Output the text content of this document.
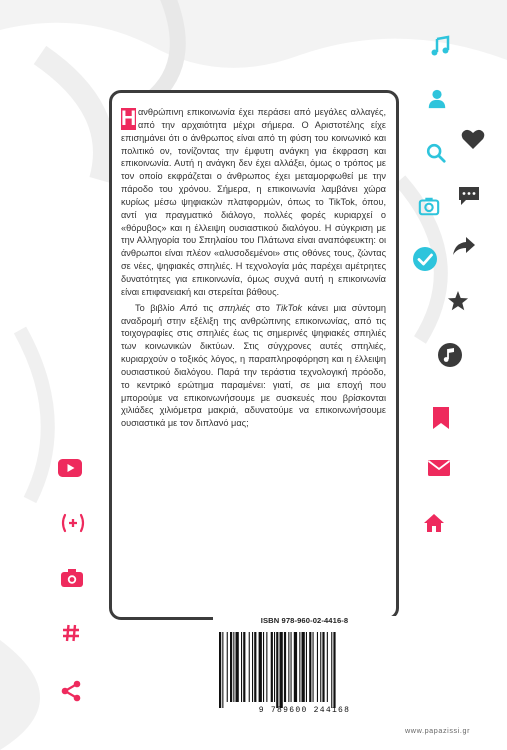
Η ανθρώπινη επικοινωνία έχει περάσει από μεγάλες αλλαγές, από την αρχαιότητα μέχρι σήμερα. Ο Αριστοτέλης είχε επισημάνει ότι ο άνθρωπος είναι από τη φύση του κοινωνικό και πολιτικό ον, τονίζοντας την έμφυτη ανάγκη για έκφραση και επικοινωνία. Αυτή η ανάγκη δεν έχει αλλάξει, όμως ο τρόπος με τον οποίο εκφράζεται ο άνθρωπος έχει μεταμορφωθεί με την πάροδο του χρόνου. Σήμερα, η επικοινωνία λαμβάνει χώρα κυρίως μέσω ψηφιακών πλατφορμών, όπως το TikTok, όπου, αντί για πραγματικό διάλογο, πολλές φορές κυριαρχεί ο «θόρυβος» και η έλλειψη ουσιαστικού διαλόγου. Η σύγκριση με την Αλληγορία του Σπηλαίου του Πλάτωνα είναι αναπόφευκτη: οι άνθρωποι είναι πλέον «αλυσοδεμένοι» στις οθόνες τους, ζώντας σε νέες, ψηφιακές σπηλιές. Η τεχνολογία μάς παρέχει αμέτρητες δυνατότητες για επικοινωνία, όμως συχνά αυτή η επικοινωνία είναι επιφανειακή και στερείται βάθους.

Το βιβλίο Από τις σπηλιές στο TikTok κάνει μια σύντομη αναδρομή στην εξέλιξη της ανθρώπινης επικοινωνίας, από τις τοιχογραφίες στις σπηλιές έως τις σημερινές ψηφιακές σπηλιές των κοινωνικών δικτύων. Στις σύγχρονες αυτές σπηλιές, κυριαρχούν ο τοξικός λόγος, η παραπληροφόρηση και η έλλειψη ουσιαστικού διαλόγου. Παρά την τεράστια τεχνολογική πρόοδο, το κεντρικό ερώτημα παραμένει: γιατί, σε μια εποχή που μπορούμε να επικοινωνήσουμε με συσκευές που βρίσκονται χιλιάδες χιλιόμετρα μακριά, αδυνατούμε να επικοινωνήσουμε ουσιαστικά με τον διπλανό μας;

ISBN 978-960-02-4416-8
9 789600 244168
www.papazissi.gr
